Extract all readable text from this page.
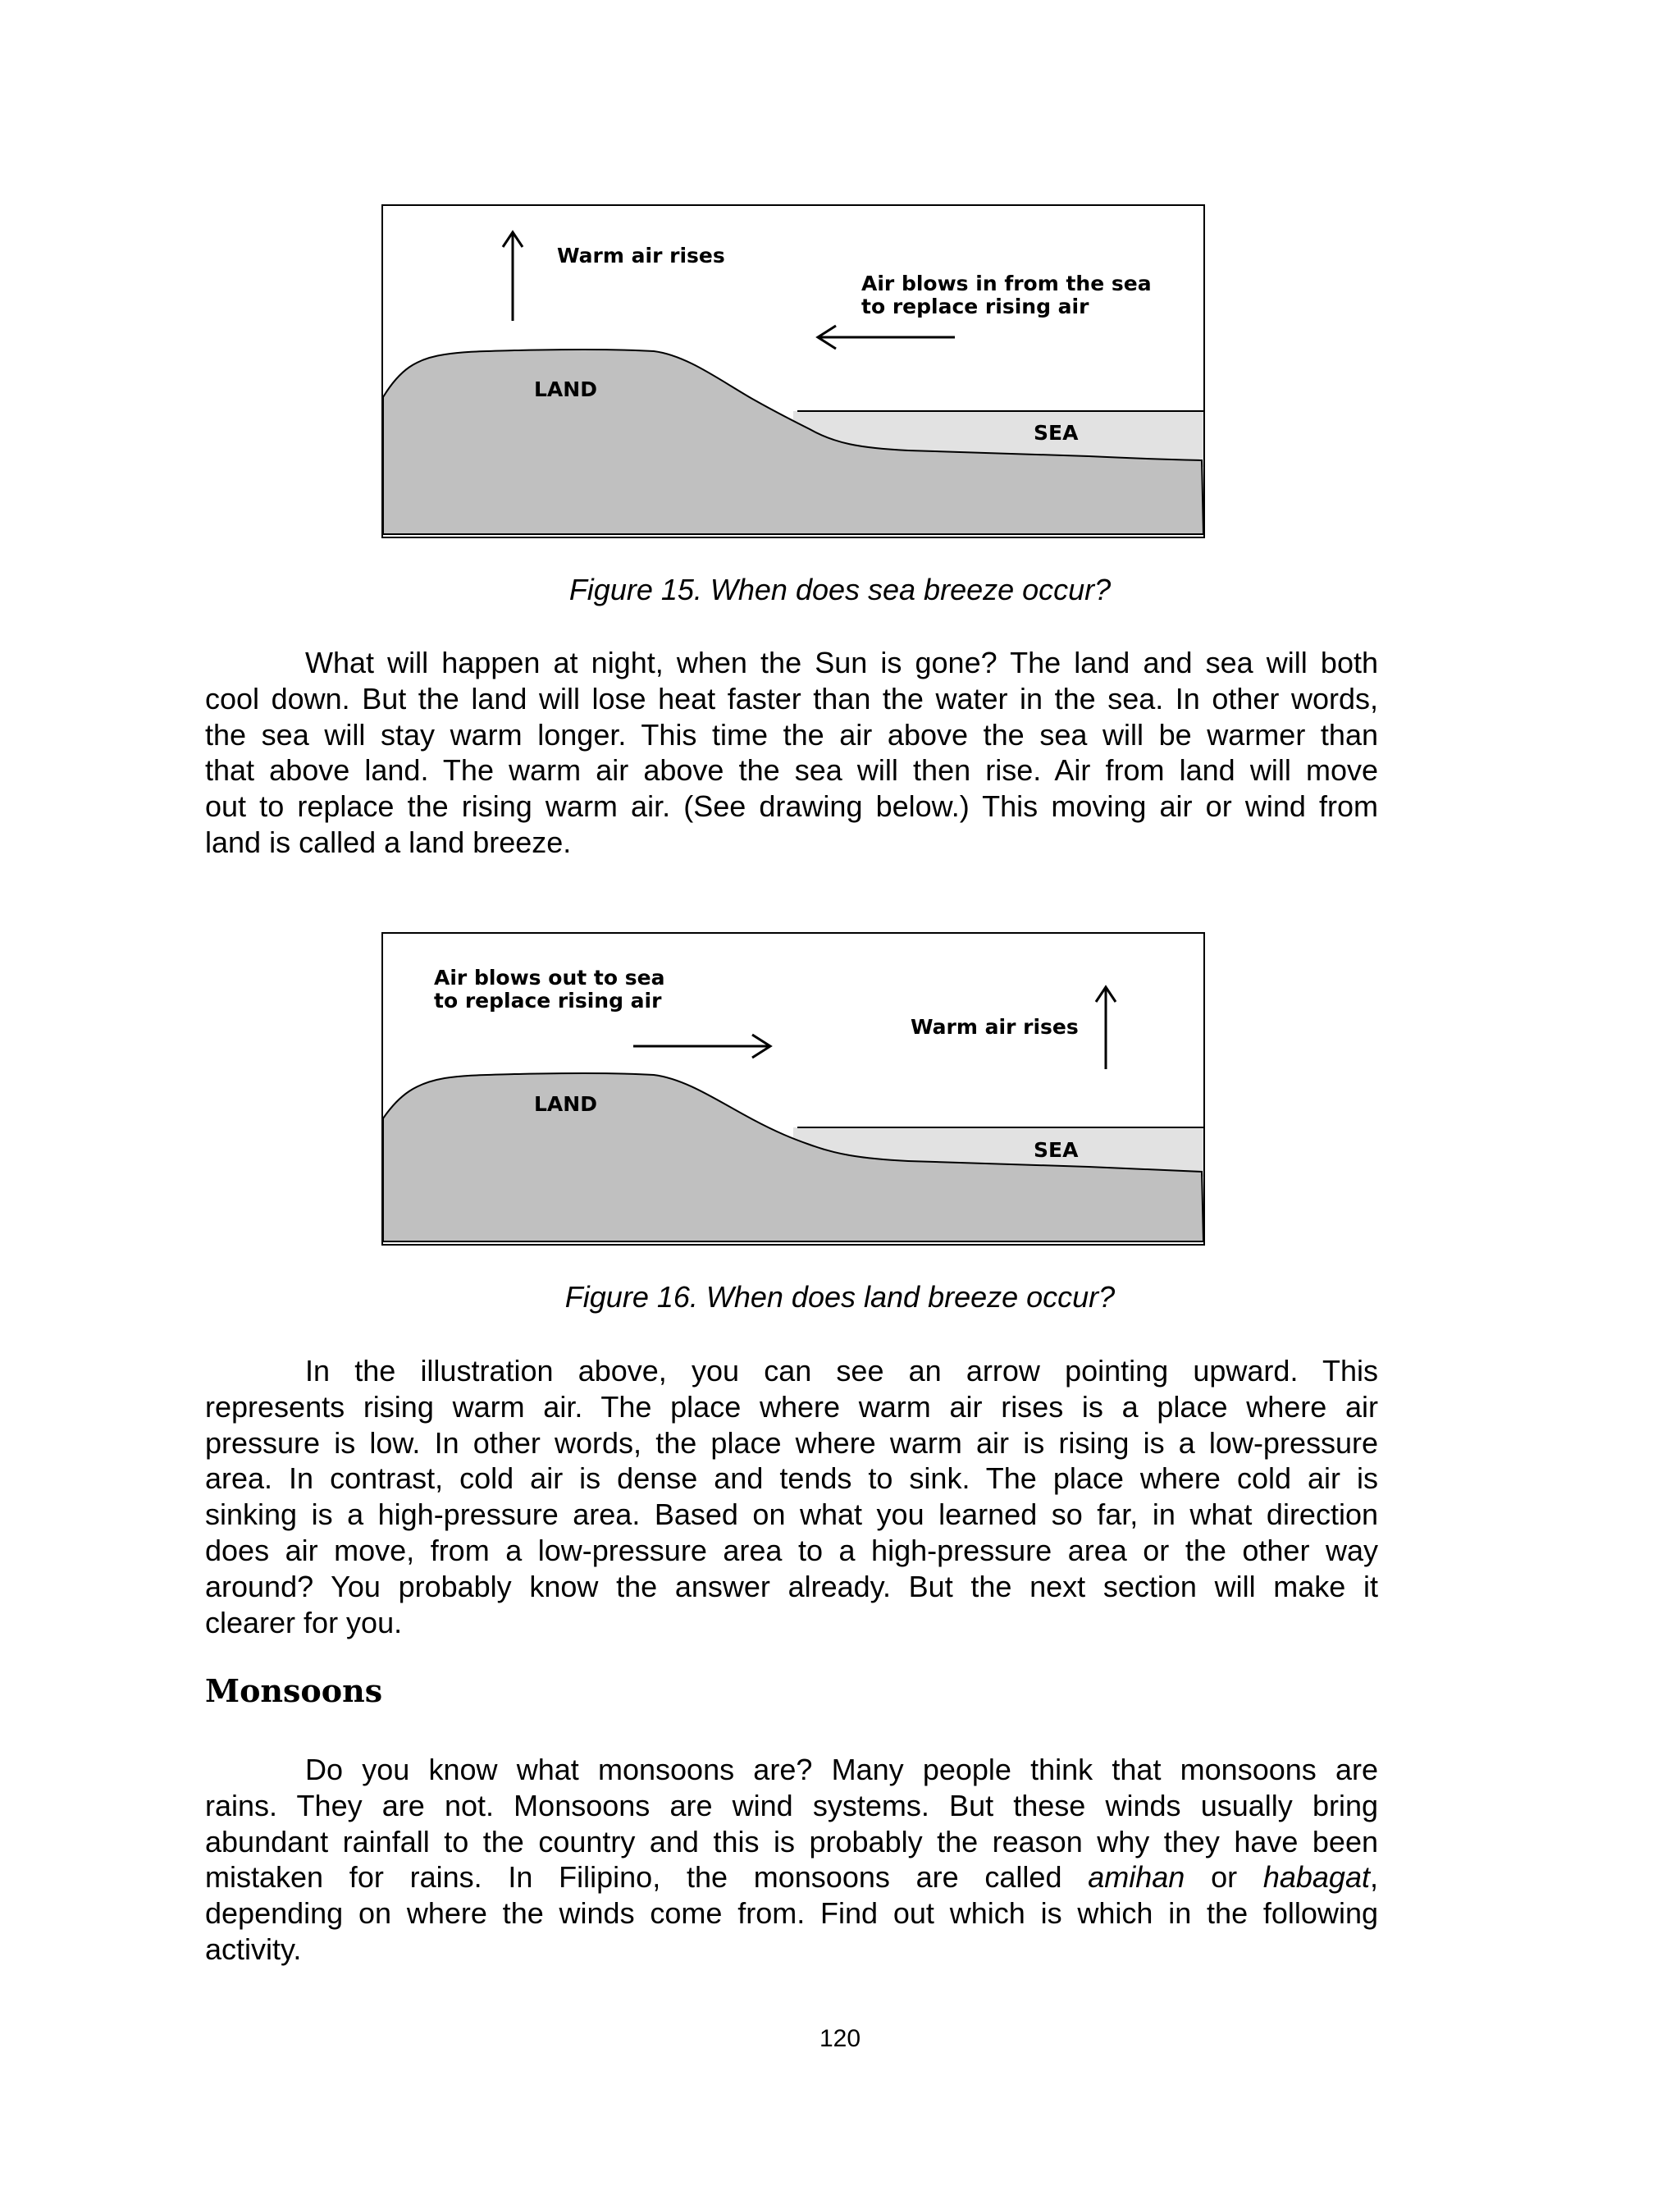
Warm air rises
Air blows in from the sea
to replace rising air
LAND
SEA
Figure 15. When does sea breeze occur?
What will happen at night, when the Sun is gone? The land and sea will both
cool down. But the land will lose heat faster than the water in the sea. In other words,
the sea will stay warm longer. This time the air above the sea will be warmer than
that above land. The warm air above the sea will then rise. Air from land will move
out to replace the rising warm air. (See drawing below.) This moving air or wind from
land is called a land breeze.
Air blows out to sea
to replace rising air
Warm air rises
LAND
SEA
Figure 16. When does land breeze occur?
In the illustration above, you can see an arrow pointing upward. This
represents rising warm air. The place where warm air rises is a place where air
pressure is low. In other words, the place where warm air is rising is a low-pressure
area. In contrast, cold air is dense and tends to sink. The place where cold air is
sinking is a high-pressure area. Based on what you learned so far, in what direction
does air move, from a low-pressure area to a high-pressure area or the other way
around? You probably know the answer already. But the next section will make it
clearer for you.
Monsoons
Do you know what monsoons are? Many people think that monsoons are
rains. They are not. Monsoons are wind systems. But these winds usually bring
abundant rainfall to the country and this is probably the reason why they have been
mistaken for rains. In Filipino, the monsoons are called amihan or habagat,
depending on where the winds come from. Find out which is which in the following
activity.
120
